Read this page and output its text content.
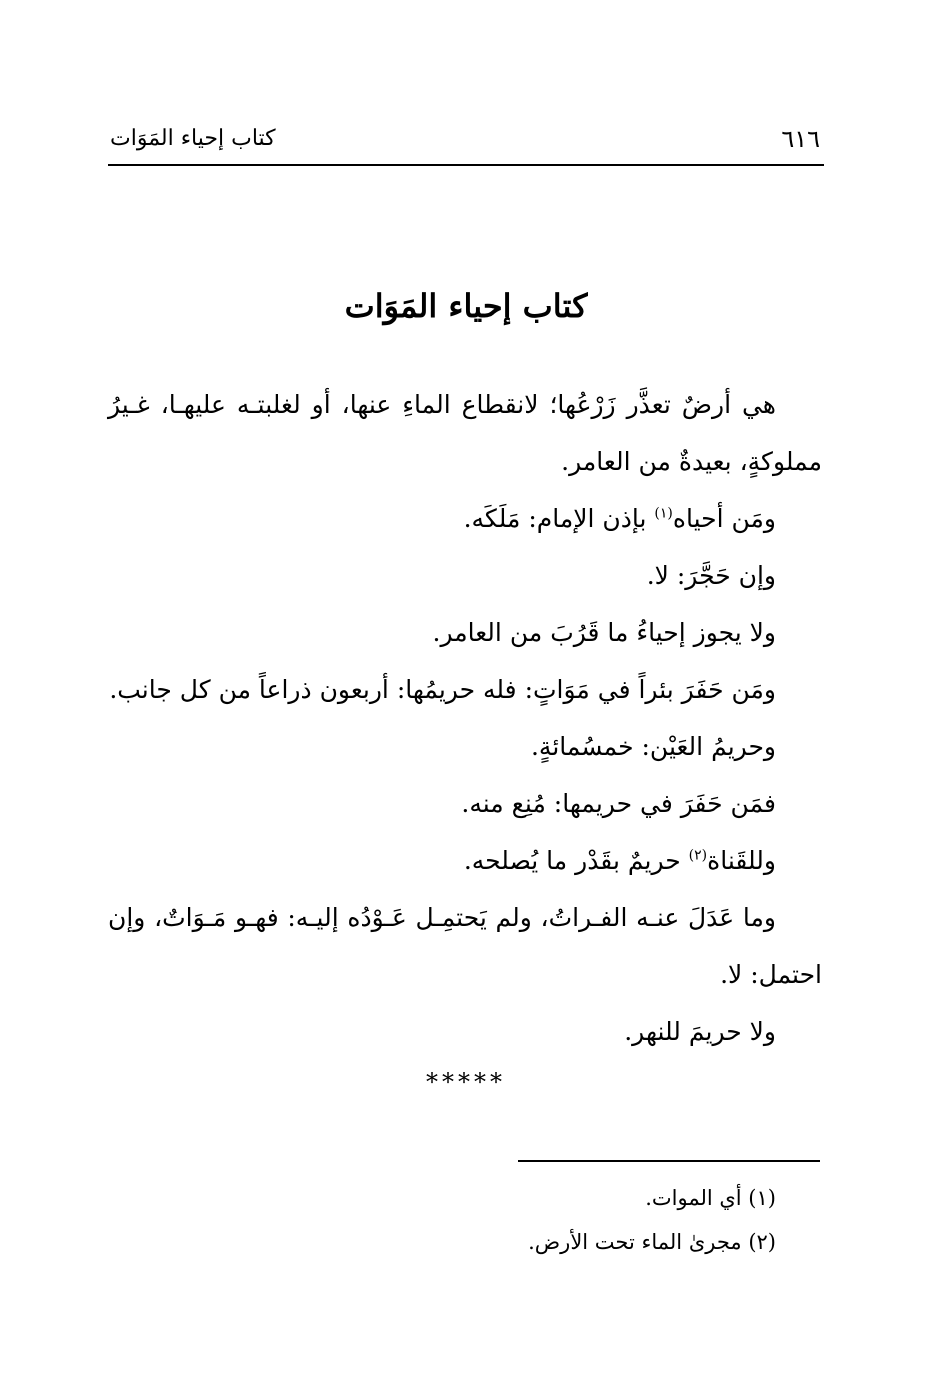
٦١٦
كتاب إحياء المَوَات
كتاب إحياء المَوَات

هي أرضٌ تعذَّر زَرْعُها؛ لانقطاع الماءِ عنها، أو لغلبتـه عليهـا، غـيرُ مملوكةٍ، بعيدةٌ من العامر.

ومَن أحياه$^{(١)}$ بإذن الإمام: مَلَكَه.

وإن حَجَّرَ: لا.

ولا يجوز إحياءُ ما قَرُبَ من العامر.

ومَن حَفَرَ بئراً في مَوَاتٍ: فله حريمُها: أربعون ذراعاً من كل جانب.

وحريمُ العَيْن: خمسُمائةٍ.

فمَن حَفَرَ في حريمها: مُنِع منه.

وللقَناة$^{(٢)}$ حريمٌ بقَدْر ما يُصلحه.

وما عَدَلَ عنـه الفـراتُ، ولم يَحتمِـل عَـوْدُه إليـه: فهـو مَـوَاتٌ، وإن احتمل: لا.

ولا حريمَ للنهر.

*****

(١) أي الموات.

(٢) مجرىٰ الماء تحت الأرض.
